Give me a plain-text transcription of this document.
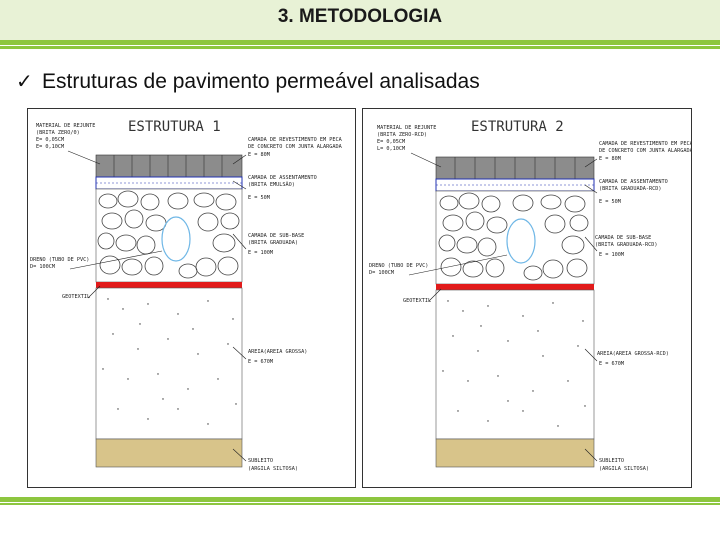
3. METODOLOGIA
✓ Estruturas de pavimento permeável analisadas
ESTRUTURA 1
MATERIAL DE REJUNTE
(BRITA ZERO/0)
E= 0,05CM
E= 0,10CM
DRENO (TUBO DE PVC)
D= 100CM
GEOTEXTIL
CAMADA DE REVESTIMENTO EM PECA
DE CONCRETO COM JUNTA ALARGADA
E = 80M
CAMADA DE ASSENTAMENTO
(BRITA EMULSÃO)
E = 50M
CAMADA DE SUB-BASE
(BRITA GRADUADA)
E = 100M
AREIA(AREIA GROSSA)
E = 670M
SUBLEITO
(ARGILA SILTOSA)
ESTRUTURA 2
MATERIAL DE REJUNTE
(BRITA ZERO-RCD)
E= 0,05CM
L= 0,10CM
DRENO (TUBO DE PVC)
D= 100CM
GEOTEXTIL
CAMADA DE REVESTIMENTO EM PECA
DE CONCRETO COM JUNTA ALARGADA
E = 80M
CAMADA DE ASSENTAMENTO
(BRITA GRADUADA-RCD)
E = 50M
CAMADA DE SUB-BASE
(BRITA GRADUADA-RCD)
E = 100M
AREIA(AREIA GROSSA-RCD)
E = 670M
SUBLEITO
(ARGILA SILTOSA)
